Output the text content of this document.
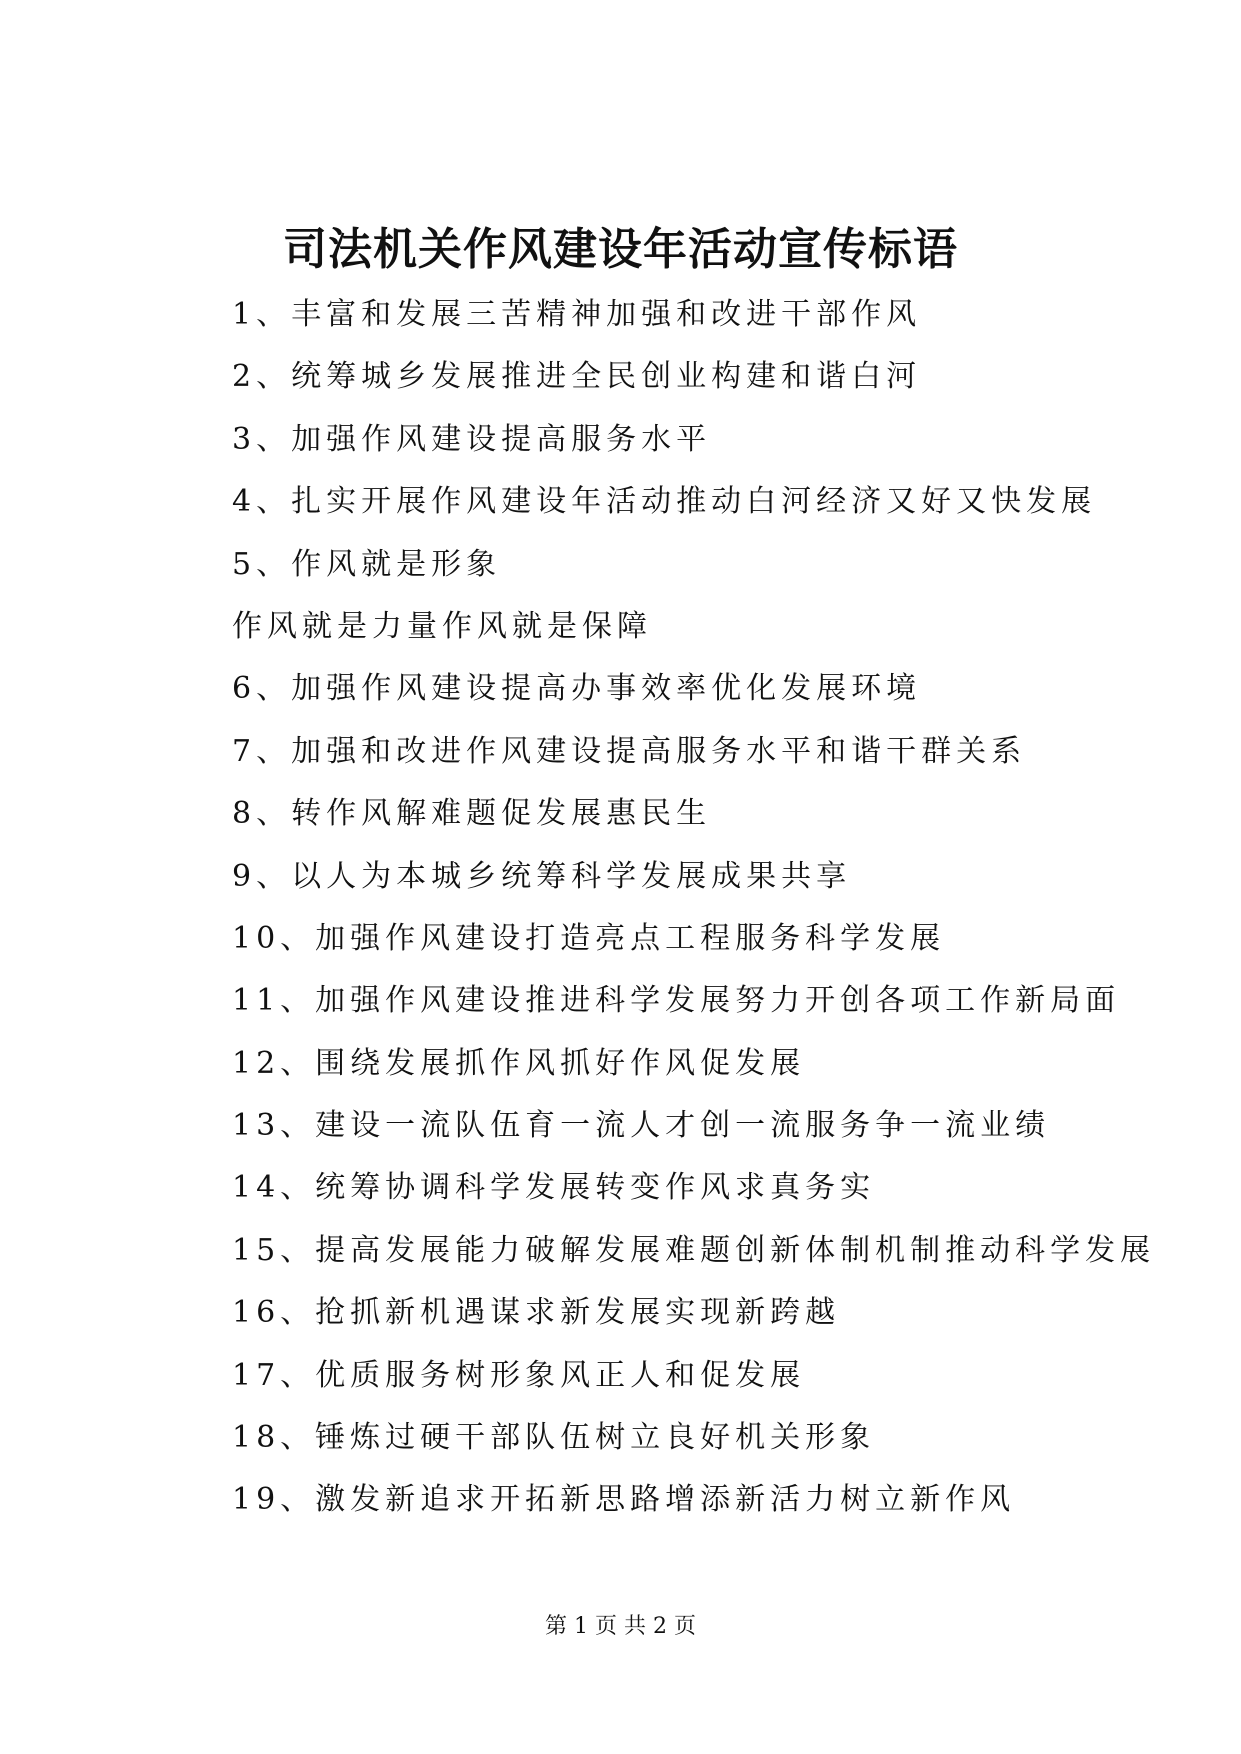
司法机关作风建设年活动宣传标语
1、丰富和发展三苦精神加强和改进干部作风
2、统筹城乡发展推进全民创业构建和谐白河
3、加强作风建设提高服务水平
4、扎实开展作风建设年活动推动白河经济又好又快发展
5、作风就是形象
作风就是力量作风就是保障
6、加强作风建设提高办事效率优化发展环境
7、加强和改进作风建设提高服务水平和谐干群关系
8、转作风解难题促发展惠民生
9、以人为本城乡统筹科学发展成果共享
10、加强作风建设打造亮点工程服务科学发展
11、加强作风建设推进科学发展努力开创各项工作新局面
12、围绕发展抓作风抓好作风促发展
13、建设一流队伍育一流人才创一流服务争一流业绩
14、统筹协调科学发展转变作风求真务实
15、提高发展能力破解发展难题创新体制机制推动科学发展
16、抢抓新机遇谋求新发展实现新跨越
17、优质服务树形象风正人和促发展
18、锤炼过硬干部队伍树立良好机关形象
19、激发新追求开拓新思路增添新活力树立新作风
第 1 页 共 2 页
